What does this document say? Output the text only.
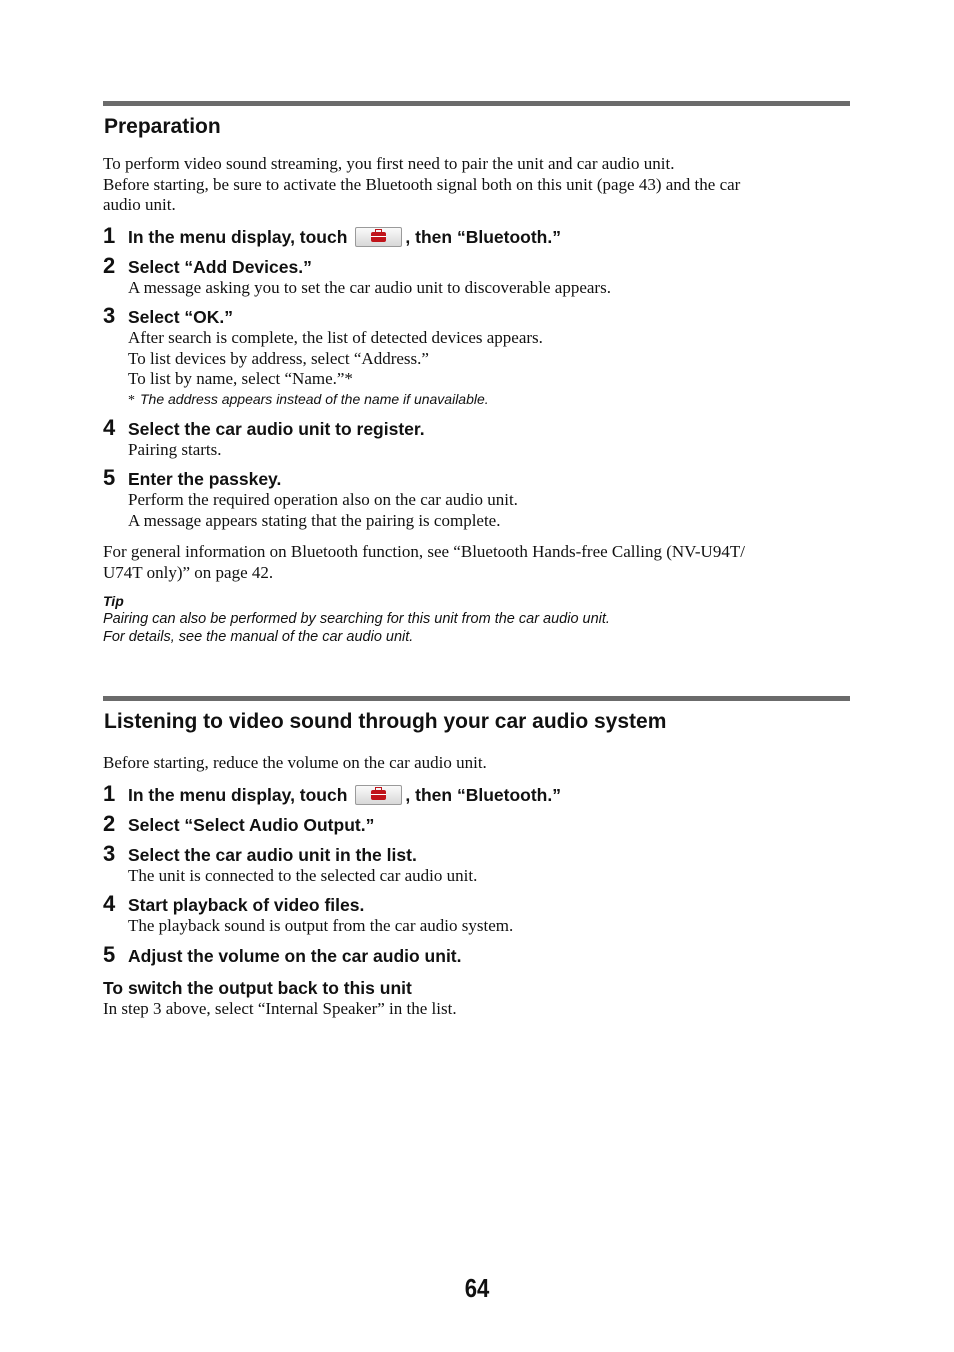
Preparation

To perform video sound streaming, you first need to pair the unit and car audio unit.

Before starting, be sure to activate the Bluetooth signal both on this unit (page 43) and the car

audio unit.

1 In the menu display, touch	, then “Bluetooth.”
2 Select “Add Devices.”
A message asking you to set the car audio unit to discoverable appears.
3 Select “OK.”
After search is complete, the list of detected devices appears.
To list devices by address, select “Address.”
To list by name, select “Name.”*
* The address appears instead of the name if unavailable.
4 Select the car audio unit to register.
Pairing starts.
5 Enter the passkey.
Perform the required operation also on the car audio unit.
A message appears stating that the pairing is complete.

For general information on Bluetooth function, see “Bluetooth Hands-free Calling (NV-U94T/

U74T only)” on page 42.

Tip
Pairing can also be performed by searching for this unit from the car audio unit.
For details, see the manual of the car audio unit.
Listening to video sound through your car audio system

Before starting, reduce the volume on the car audio unit.

1 In the menu display, touch	, then “Bluetooth.”
2 Select “Select Audio Output.”
3 Select the car audio unit in the list.
The unit is connected to the selected car audio unit.
4 Start playback of video files.
The playback sound is output from the car audio system.
5 Adjust the volume on the car audio unit.
To switch the output back to this unit

In step 3 above, select “Internal Speaker” in the list.

64
